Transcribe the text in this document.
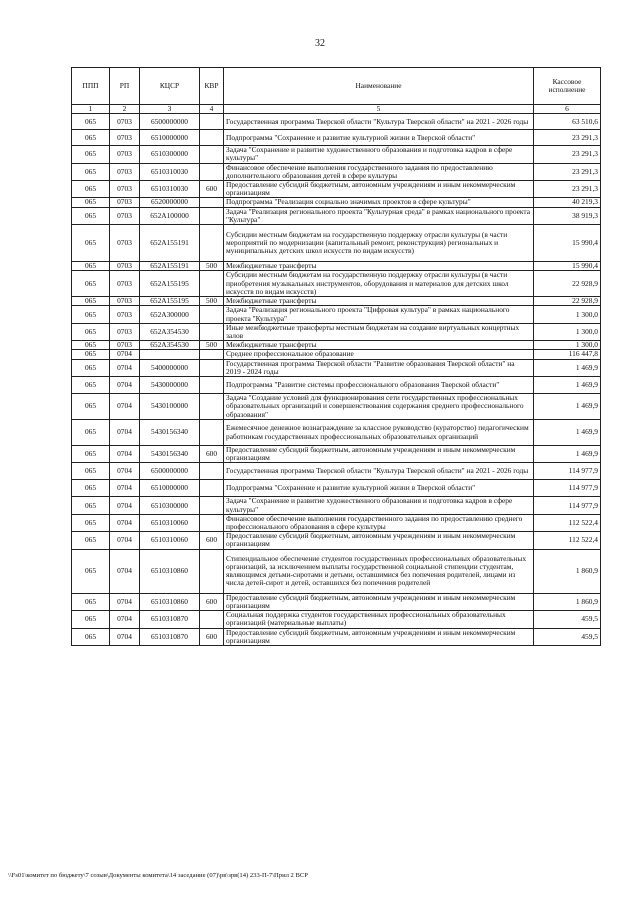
32
ППП	РП	КЦСР	КВР	Наименование	Кассовое исполнение
1	2	3	4	5	6
065	0703	6500000000		Государственная программа Тверской области "Культура Тверской области" на 2021 - 2026 годы	63 510,6
065	0703	6510000000		Подпрограмма "Сохранение и развитие культурной жизни в Тверской области"	23 291,3
065	0703	6510300000		Задача "Сохранение и развитие художественного образования и подготовка кадров в сфере культуры"	23 291,3
065	0703	6510310030		Финансовое обеспечение выполнения государственного задания по предоставлению дополнительного образования детей в сфере культуры	23 291,3
065	0703	6510310030	600	Предоставление субсидий бюджетным, автономным учреждениям и иным некоммерческим организациям	23 291,3
065	0703	6520000000		Подпрограмма "Реализация социально значимых проектов в сфере культуры"	40 219,3
065	0703	652A100000		Задача "Реализация регионального проекта "Культурная среда" в рамках национального проекта "Культура"	38 919,3
065	0703	652A155191		Субсидии местным бюджетам на государственную поддержку отрасли культуры (в части мероприятий по модернизации (капитальный ремонт, реконструкция) региональных и муниципальных детских школ искусств по видам искусств)	15 990,4
065	0703	652A155191	500	Межбюджетные трансферты	15 990,4
065	0703	652A155195		Субсидии местным бюджетам на государственную поддержку отрасли культуры (в части приобретения музыкальных инструментов, оборудования и материалов для детских школ искусств по видам искусств)	22 928,9
065	0703	652A155195	500	Межбюджетные трансферты	22 928,9
065	0703	652A300000		Задача "Реализация регионального проекта "Цифровая культура" в рамках национального проекта "Культура"	1 300,0
065	0703	652A354530		Иные межбюджетные трансферты местным бюджетам на создание виртуальных концертных залов	1 300,0
065	0703	652A354530	500	Межбюджетные трансферты	1 300,0
065	0704			Среднее профессиональное образование	116 447,8
065	0704	5400000000		Государственная программа Тверской области "Развитие образования Тверской области" на 2019 - 2024 годы	1 469,9
065	0704	5430000000		Подпрограмма "Развитие системы профессионального образования Тверской области"	1 469,9
065	0704	5430100000		Задача "Создание условий для функционирования сети государственных профессиональных образовательных организаций и совершенствования содержания среднего профессионального образования"	1 469,9
065	0704	5430156340		Ежемесячное денежное вознаграждение за классное руководство (кураторство) педагогическим работникам государственных профессиональных образовательных организаций	1 469,9
065	0704	5430156340	600	Предоставление субсидий бюджетным, автономным учреждениям и иным некоммерческим организациям	1 469,9
065	0704	6500000000		Государственная программа Тверской области "Культура Тверской области" на 2021 - 2026 годы	114 977,9
065	0704	6510000000		Подпрограмма "Сохранение и развитие культурной жизни в Тверской области"	114 977,9
065	0704	6510300000		Задача "Сохранение и развитие художественного образования и подготовка кадров в сфере культуры"	114 977,9
065	0704	6510310060		Финансовое обеспечение выполнения государственного задания по предоставлению среднего профессионального образования в сфере культуры	112 522,4
065	0704	6510310060	600	Предоставление субсидий бюджетным, автономным учреждениям и иным некоммерческим организациям	112 522,4
065	0704	6510310860		Стипендиальное обеспечение студентов государственных профессиональных образовательных организаций, за исключением выплаты государственной социальной стипендии студентам, являющимся детьми-сиротами и детьми, оставшимися без попечения родителей, лицами из числа детей-сирот и детей, оставшихся без попечения родителей	1 860,9
065	0704	6510310860	600	Предоставление субсидий бюджетным, автономным учреждениям и иным некоммерческим организациям	1 860,9
065	0704	6510310870		Социальная поддержка студентов государственных профессиональных образовательных организаций (материальные выплаты)	459,5
065	0704	6510310870	600	Предоставление субсидий бюджетным, автономным учреждениям и иным некоммерческим организациям	459,5
\\Fs01\комитет по бюджету\7 созыв\Документы комитета\14 заседание (07)\рв\зрв(14) 233-П-7\Прил 2 ВСР
